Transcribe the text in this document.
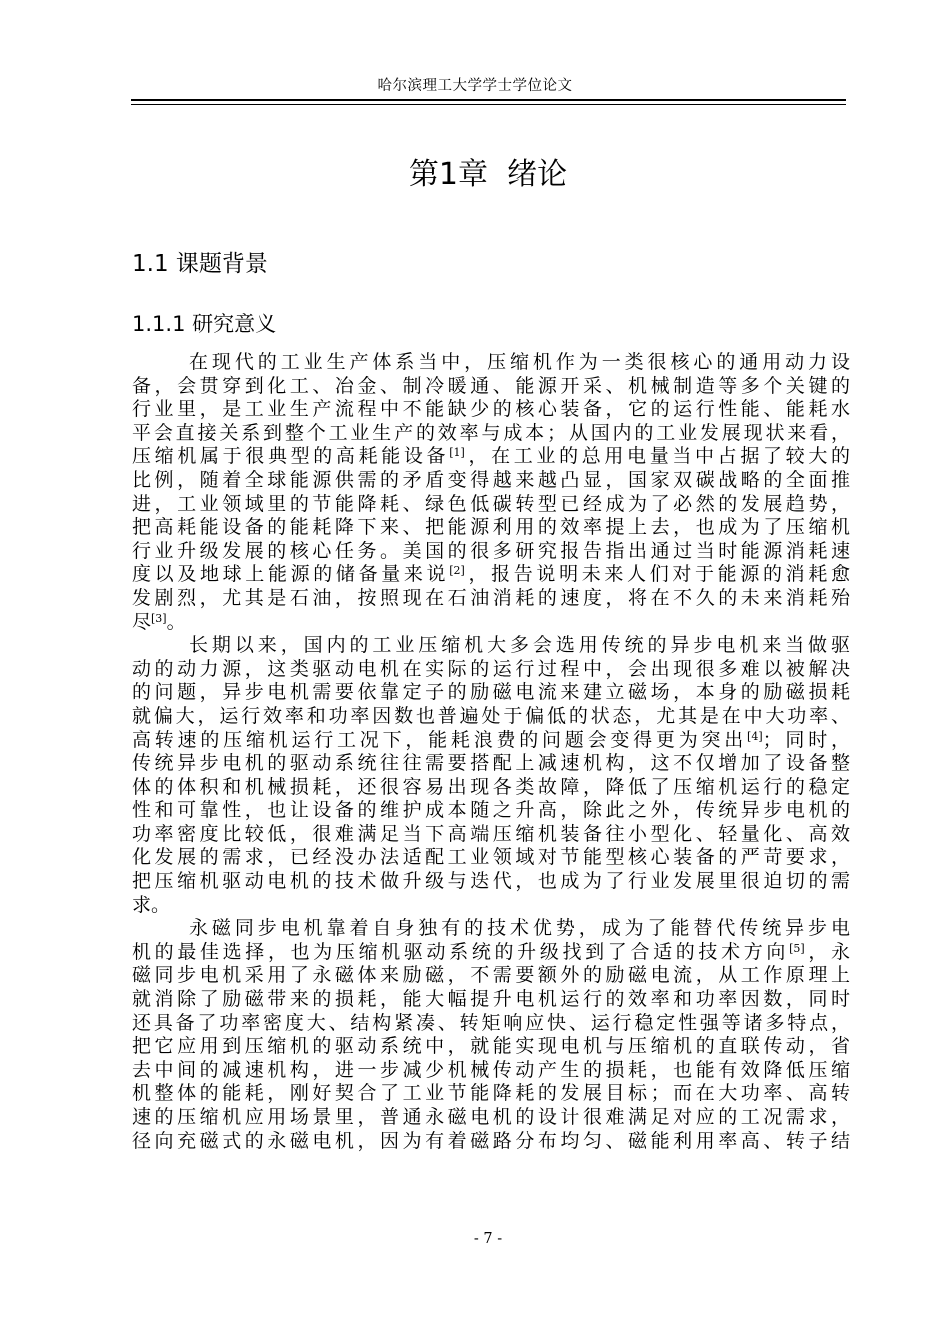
哈尔滨理工大学学士学位论文
第1章  绪论
1.1 课题背景
1.1.1 研究意义
在现代的工业生产体系当中，压缩机作为一类很核心的通用动力设
备，会贯穿到化工、冶金、制冷暖通、能源开采、机械制造等多个关键的
行业里，是工业生产流程中不能缺少的核心装备，它的运行性能、能耗水
平会直接关系到整个工业生产的效率与成本；从国内的工业发展现状来看，
压缩机属于很典型的高耗能设备[1]，在工业的总用电量当中占据了较大的
比例，随着全球能源供需的矛盾变得越来越凸显，国家双碳战略的全面推
进，工业领域里的节能降耗、绿色低碳转型已经成为了必然的发展趋势，
把高耗能设备的能耗降下来、把能源利用的效率提上去，也成为了压缩机
行业升级发展的核心任务。美国的很多研究报告指出通过当时能源消耗速
度以及地球上能源的储备量来说[2]，报告说明未来人们对于能源的消耗愈
发剧烈，尤其是石油，按照现在石油消耗的速度，将在不久的未来消耗殆
尽[3]。
长期以来，国内的工业压缩机大多会选用传统的异步电机来当做驱
动的动力源，这类驱动电机在实际的运行过程中，会出现很多难以被解决
的问题，异步电机需要依靠定子的励磁电流来建立磁场，本身的励磁损耗
就偏大，运行效率和功率因数也普遍处于偏低的状态，尤其是在中大功率、
高转速的压缩机运行工况下，能耗浪费的问题会变得更为突出[4]；同时，
传统异步电机的驱动系统往往需要搭配上减速机构，这不仅增加了设备整
体的体积和机械损耗，还很容易出现各类故障，降低了压缩机运行的稳定
性和可靠性，也让设备的维护成本随之升高，除此之外，传统异步电机的
功率密度比较低，很难满足当下高端压缩机装备往小型化、轻量化、高效
化发展的需求，已经没办法适配工业领域对节能型核心装备的严苛要求，
把压缩机驱动电机的技术做升级与迭代，也成为了行业发展里很迫切的需
求。
永磁同步电机靠着自身独有的技术优势，成为了能替代传统异步电
机的最佳选择，也为压缩机驱动系统的升级找到了合适的技术方向[5]，永
磁同步电机采用了永磁体来励磁，不需要额外的励磁电流，从工作原理上
就消除了励磁带来的损耗，能大幅提升电机运行的效率和功率因数，同时
还具备了功率密度大、结构紧凑、转矩响应快、运行稳定性强等诸多特点，
把它应用到压缩机的驱动系统中，就能实现电机与压缩机的直联传动，省
去中间的减速机构，进一步减少机械传动产生的损耗，也能有效降低压缩
机整体的能耗，刚好契合了工业节能降耗的发展目标；而在大功率、高转
速的压缩机应用场景里，普通永磁电机的设计很难满足对应的工况需求，
径向充磁式的永磁电机，因为有着磁路分布均匀、磁能利用率高、转子结
- 7 -
